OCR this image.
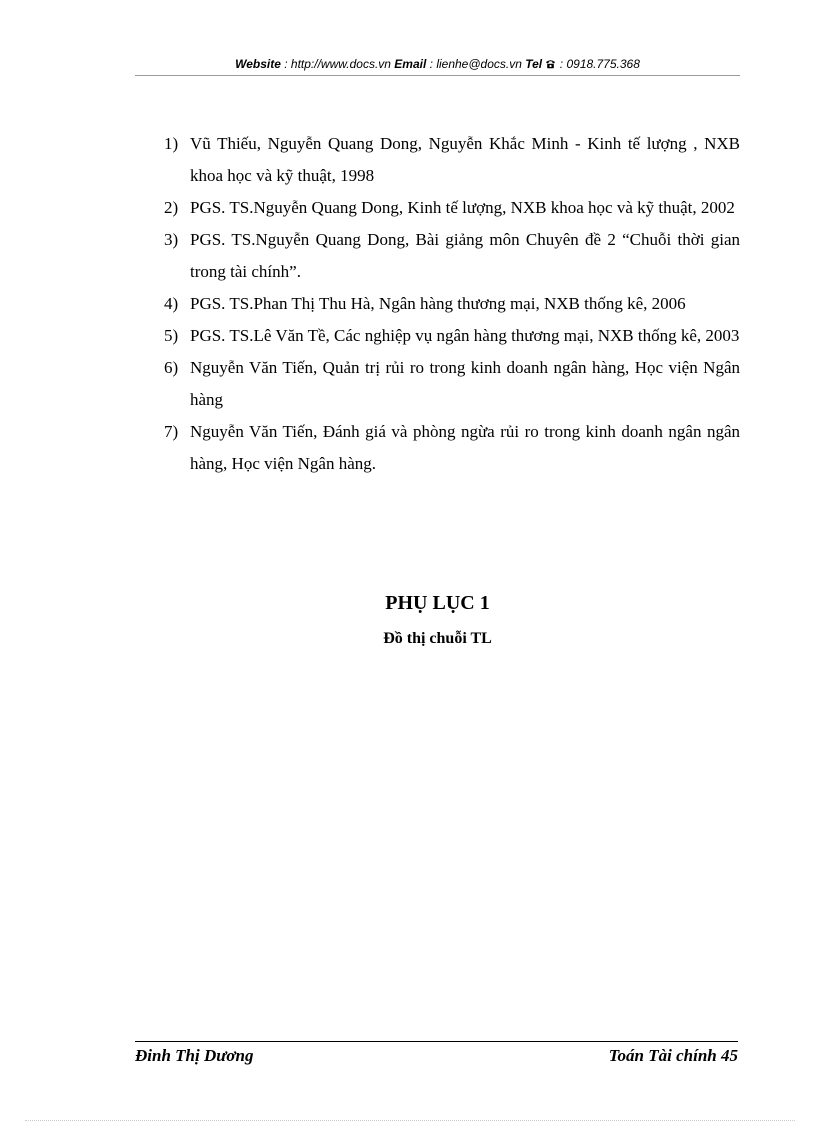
Website : http://www.docs.vn Email : lienhe@docs.vn Tel  : 0918.775.368
1) Vũ Thiếu, Nguyễn Quang Dong, Nguyễn Khắc Minh - Kinh tế lượng , NXB khoa học và kỹ thuật, 1998
2) PGS. TS.Nguyễn Quang Dong, Kinh tế lượng, NXB khoa học và kỹ thuật, 2002
3) PGS. TS.Nguyễn Quang Dong, Bài giảng môn Chuyên đề 2 “Chuỗi thời gian trong tài chính”.
4) PGS. TS.Phan Thị Thu Hà, Ngân hàng thương mại, NXB thống kê, 2006
5) PGS. TS.Lê Văn Tề, Các nghiệp vụ ngân hàng thương mại, NXB thống kê, 2003
6) Nguyễn Văn Tiến, Quản trị rủi ro trong kinh doanh ngân hàng, Học viện Ngân hàng
7) Nguyễn Văn Tiến, Đánh giá và phòng ngừa rủi ro trong kinh doanh ngân ngân hàng, Học viện Ngân hàng.
PHỤ LỤC 1
Đồ thị chuỗi TL
Đinh Thị Dương	Toán Tài chính 45
